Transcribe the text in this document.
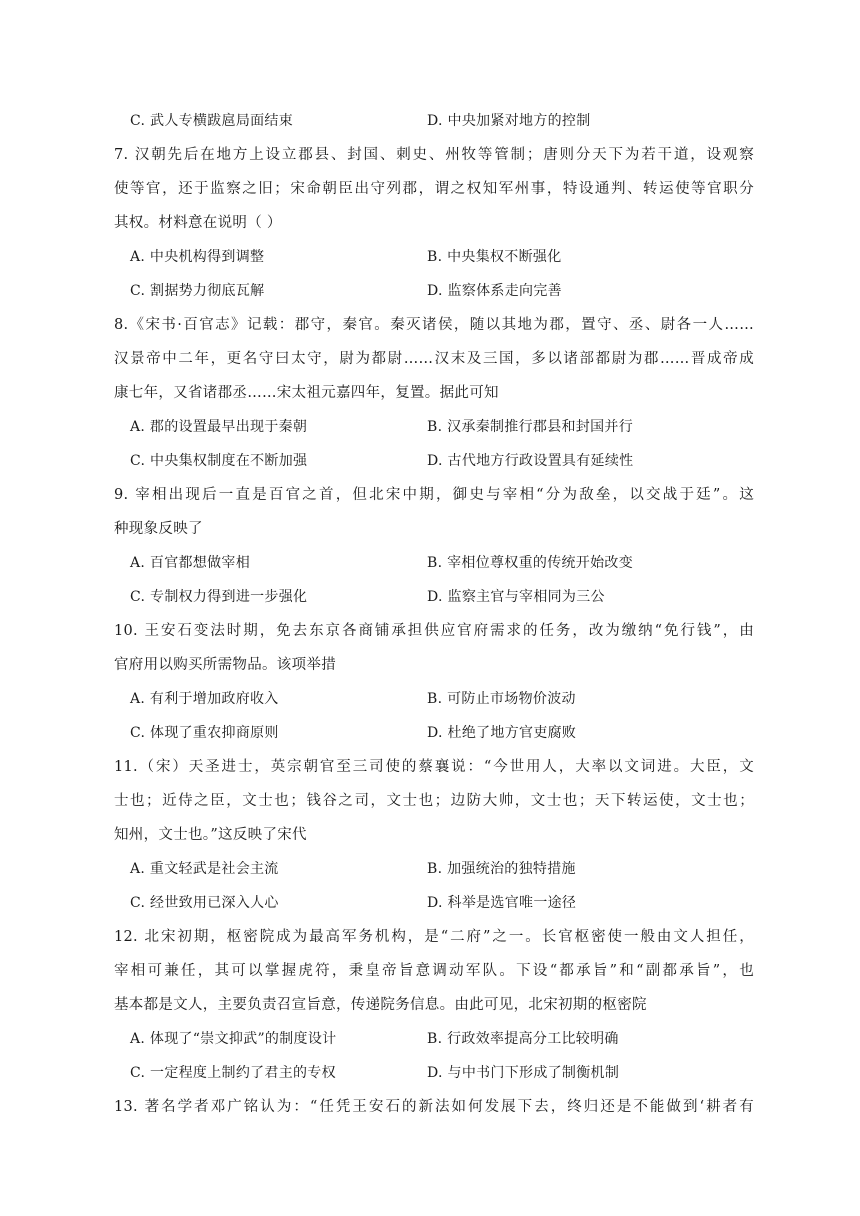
C. 武人专横跋扈局面结束	D. 中央加紧对地方的控制
7. 汉朝先后在地方上设立郡县、封国、刺史、州牧等管制；唐则分天下为若干道，设观察
使等官，还于监察之旧；宋命朝臣出守列郡，谓之权知军州事，特设通判、转运使等官职分
其权。材料意在说明（ ）
A. 中央机构得到调整	B. 中央集权不断强化
C. 割据势力彻底瓦解	D. 监察体系走向完善
8.《宋书·百官志》记载：郡守，秦官。秦灭诸侯，随以其地为郡，置守、丞、尉各一人……
汉景帝中二年，更名守曰太守，尉为都尉……汉末及三国，多以诸部都尉为郡……晋成帝成
康七年，又省诸郡丞……宋太祖元嘉四年，复置。据此可知
A. 郡的设置最早出现于秦朝	B. 汉承秦制推行郡县和封国并行
C. 中央集权制度在不断加强	D. 古代地方行政设置具有延续性
9. 宰相出现后一直是百官之首，但北宋中期，御史与宰相“分为敌垒，以交战于廷”。这
种现象反映了
A. 百官都想做宰相	B. 宰相位尊权重的传统开始改变
C. 专制权力得到进一步强化	D. 监察主官与宰相同为三公
10. 王安石变法时期，免去东京各商铺承担供应官府需求的任务，改为缴纳“免行钱”，由
官府用以购买所需物品。该项举措
A. 有利于增加政府收入	B. 可防止市场物价波动
C. 体现了重农抑商原则	D. 杜绝了地方官吏腐败
11.（宋）天圣进士，英宗朝官至三司使的蔡襄说：“今世用人，大率以文词进。大臣，文
士也；近侍之臣，文士也；钱谷之司，文士也；边防大帅，文士也；天下转运使，文士也；
知州，文士也。”这反映了宋代
A. 重文轻武是社会主流	B. 加强统治的独特措施
C. 经世致用已深入人心	D. 科举是选官唯一途径
12. 北宋初期，枢密院成为最高军务机构，是“二府”之一。长官枢密使一般由文人担任，
宰相可兼任，其可以掌握虎符，秉皇帝旨意调动军队。下设“都承旨”和“副都承旨”，也
基本都是文人，主要负责召宣旨意，传递院务信息。由此可见，北宋初期的枢密院
A. 体现了“崇文抑武”的制度设计	B. 行政效率提高分工比较明确
C. 一定程度上制约了君主的专权	D. 与中书门下形成了制衡机制
13. 著名学者邓广铭认为：“任凭王安石的新法如何发展下去，终归还是不能做到‘耕者有
